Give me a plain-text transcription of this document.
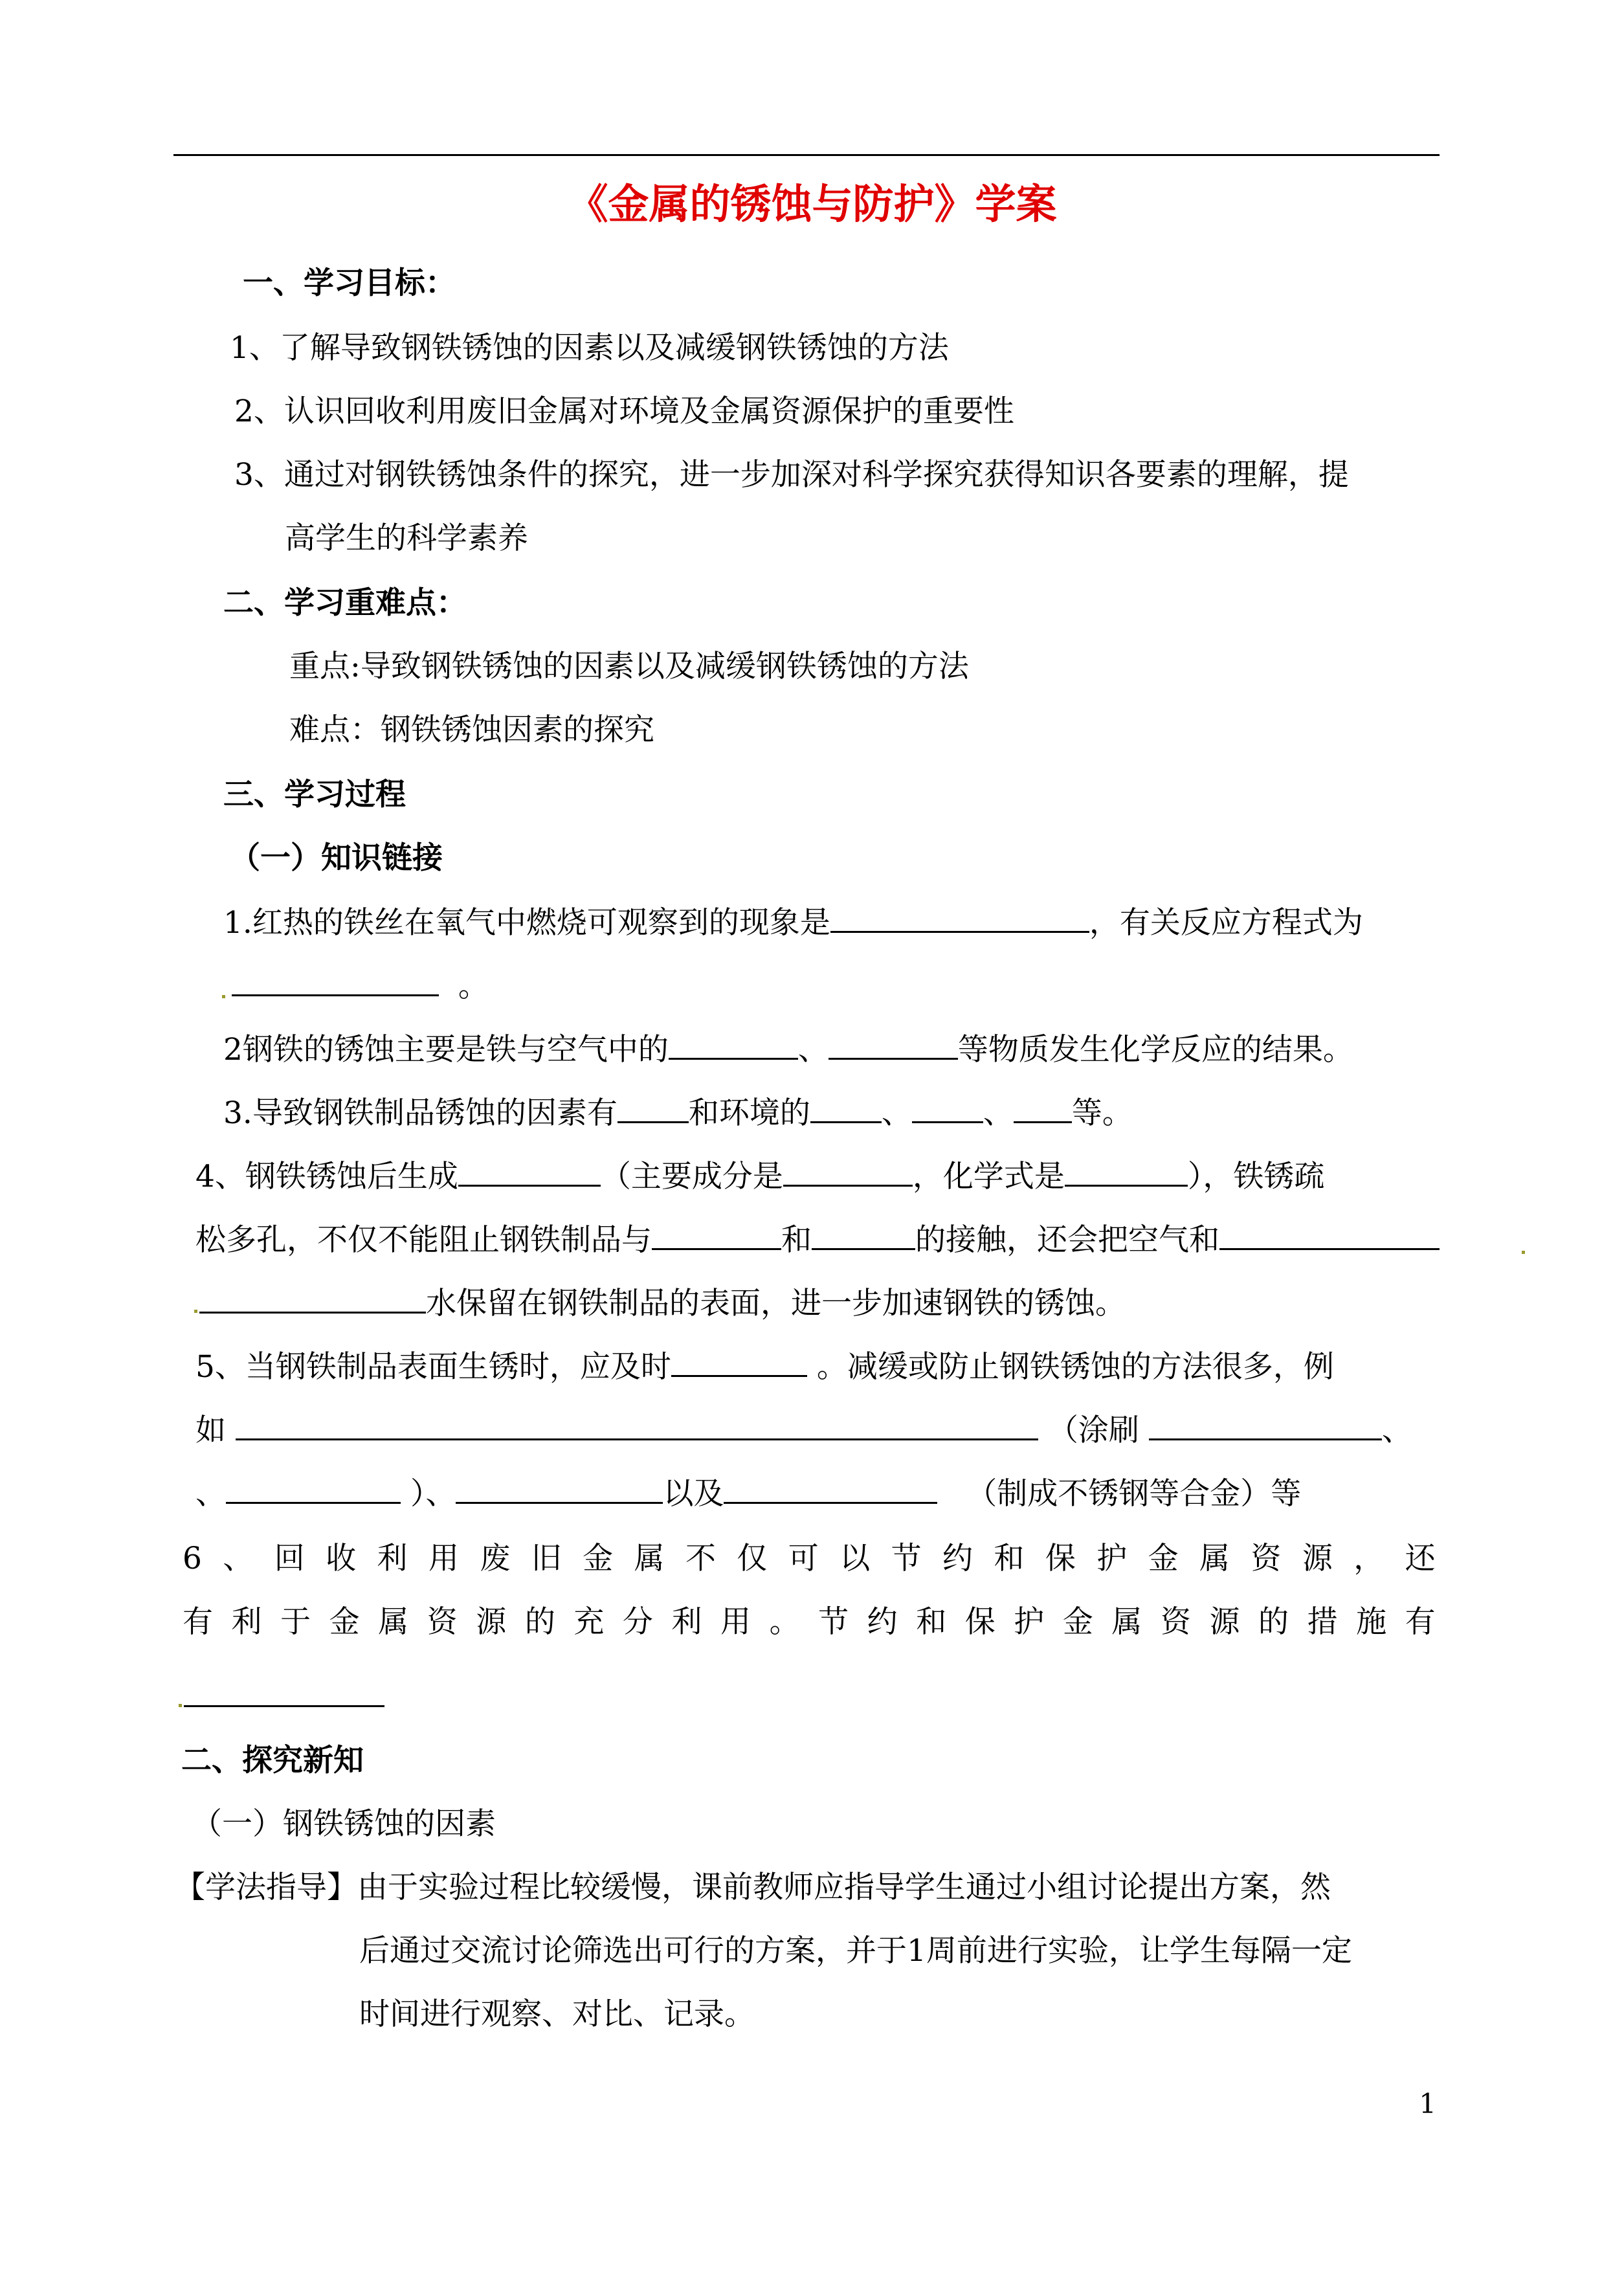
《金属的锈蚀与防护》学案
一、学习目标：
1、了解导致钢铁锈蚀的因素以及减缓钢铁锈蚀的方法
2、认识回收利用废旧金属对环境及金属资源保护的重要性
3、通过对钢铁锈蚀条件的探究，进一步加深对科学探究获得知识各要素的理解，提
高学生的科学素养
二、学习重难点：
重点:导致钢铁锈蚀的因素以及减缓钢铁锈蚀的方法
难点：钢铁锈蚀因素的探究
三、学习过程
（一）知识链接
1.红热的铁丝在氧气中燃烧可观察到的现象是	，有关反应方程式为
。
2钢铁的锈蚀主要是铁与空气中的	、	等物质发生化学反应的结果。
3.导致钢铁制品锈蚀的因素有 和环境的 、 、 等。
4、钢铁锈蚀后生成	（主要成分是	，化学式是	），铁锈疏
松多孔，不仅不能阻止钢铁制品与	和	的接触，还会把空气和
水保留在钢铁制品的表面，进一步加速钢铁的锈蚀。
5、当钢铁制品表面生锈时，应及时	。减缓或防止钢铁锈蚀的方法很多，例
如	（涂刷	、
、	）、	以及	（制成不锈钢等合金）等
6 、 回 收 利 用 废 旧 金 属 不 仅 可 以 节 约 和 保 护 金 属 资 源 ， 还
有 利 于 金 属 资 源 的 充 分 利 用 。 节 约 和 保 护 金 属 资 源 的 措 施 有
二、探究新知
（一）钢铁锈蚀的因素
【学法指导】由于实验过程比较缓慢，课前教师应指导学生通过小组讨论提出方案，然
后通过交流讨论筛选出可行的方案，并于1周前进行实验，让学生每隔一定
时间进行观察、对比、记录。
1
